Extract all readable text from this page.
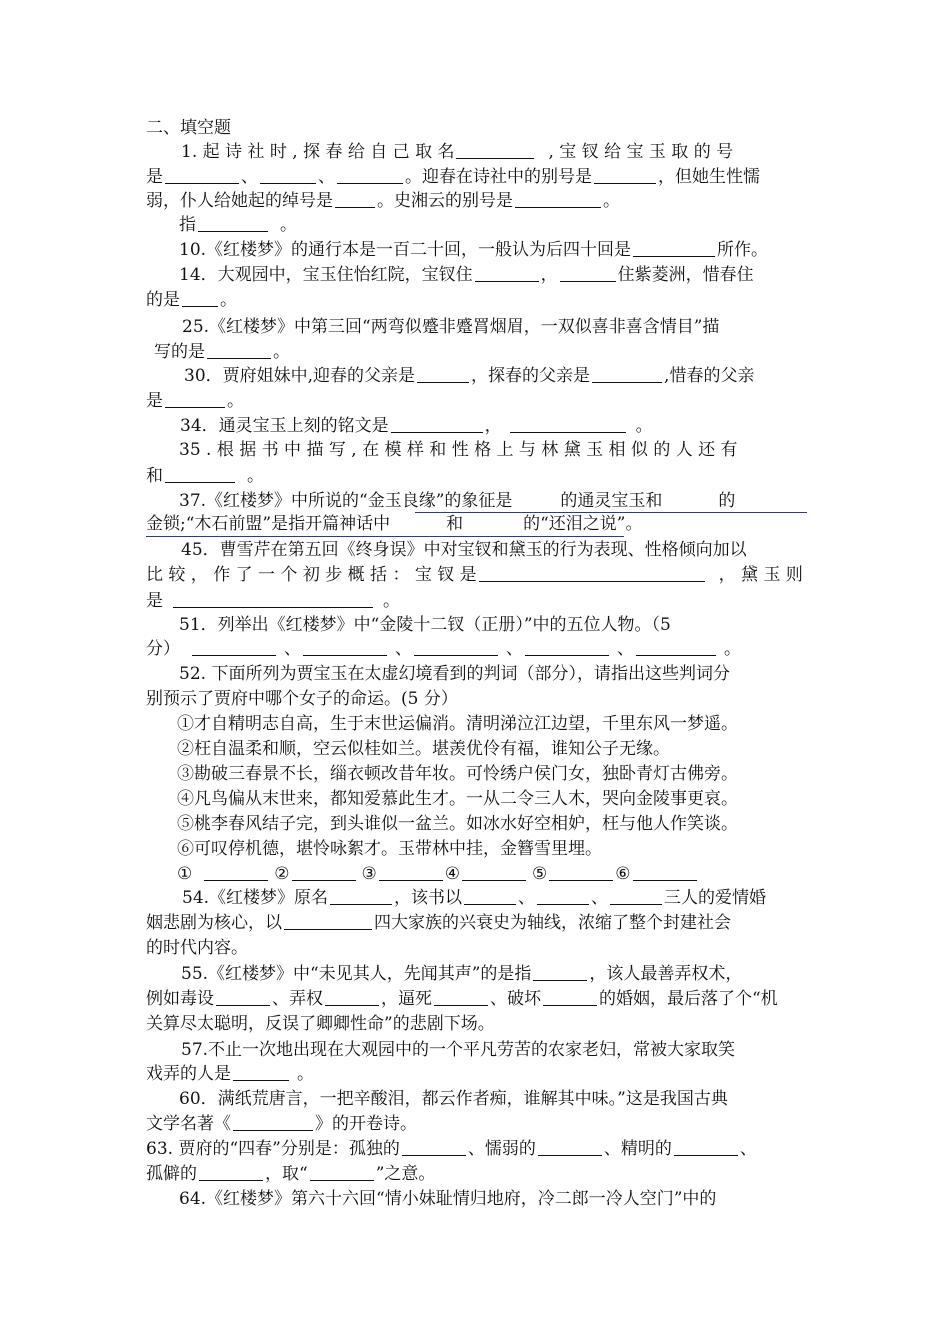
二、填空题
1. 起 诗 社 时 , 探 春 给 自 己 取 名	, 宝 钗 给 宝 玉 取 的 号
是	、	、	。迎春在诗社中的别号是	，但她生性懦
弱，仆人给她起的绰号是	。史湘云的别号是	。
指	。
10.《红楼梦》的通行本是一百二十回，一般认为后四十回是	所作。
14．大观园中，宝玉住怡红院，宝钗住	，	住紫菱洲，惜春住
的是 。
25.《红楼梦》中第三回“两弯似蹙非蹙罥烟眉，一双似喜非喜含情目”描
写的是	。
30．贾府姐妹中,迎春的父亲是	，探春的父亲是	,惜春的父亲
是	。
34．通灵宝玉上刻的铭文是	，	。
35 . 根 据 书 中 描 写 , 在 模 样 和 性 格 上 与 林 黛 玉 相 似 的 人 还 有
和	。
37.《红楼梦》中所说的“金玉良缘”的象征是	的通灵宝玉和	的
金锁;“木石前盟”是指开篇神话中	和	的“还泪之说”。
45．曹雪芹在第五回《终身误》中对宝钗和黛玉的行为表现、性格倾向加以
比 较 ， 作 了 一 个 初 步 概 括 ： 宝 钗 是	， 黛 玉 则
是	。
51．列举出《红楼梦》中“金陵十二钗（正册）”中的五位人物。（5
分）	、	、	、	、	。
52. 下面所列为贾宝玉在太虚幻境看到的判词（部分），请指出这些判词分
别预示了贾府中哪个女子的命运。(5 分）
①才自精明志自高，生于末世运偏消。清明涕泣江边望，千里东风一梦遥。
②枉自温柔和顺，空云似桂如兰。堪羡优伶有福，谁知公子无缘。
③勘破三春景不长，缁衣顿改昔年妆。可怜绣户侯门女，独卧青灯古佛旁。
④凡鸟偏从末世来，都知爱慕此生才。一从二令三人木，哭向金陵事更哀。
⑤桃李春风结子完，到头谁似一盆兰。如冰水好空相妒，枉与他人作笑谈。
⑥可叹停机德，堪怜咏絮才。玉带林中挂，金簪雪里埋。
①	②	③	④	⑤	⑥
54.《红楼梦》原名	，该书以	、	、	三人的爱情婚
姻悲剧为核心，以	四大家族的兴衰史为轴线，浓缩了整个封建社会
的时代内容。
55.《红楼梦》中“未见其人，先闻其声”的是指	，该人最善弄权术，
例如毒设	、弄权	，逼死	、破坏	的婚姻，最后落了个“机
关算尽太聪明，反误了卿卿性命”的悲剧下场。
57.不止一次地出现在大观园中的一个平凡劳苦的农家老妇，常被大家取笑
戏弄的人是	。
60．满纸荒唐言，一把辛酸泪，都云作者痴，谁解其中味。”这是我国古典
文学名著《	》的开卷诗。
63. 贾府的“四春”分别是：孤独的	、懦弱的	、精明的	、
孤僻的	，取“	”之意。
64.《红楼梦》第六十六回“情小妹耻情归地府，冷二郎一冷人空门”中的
